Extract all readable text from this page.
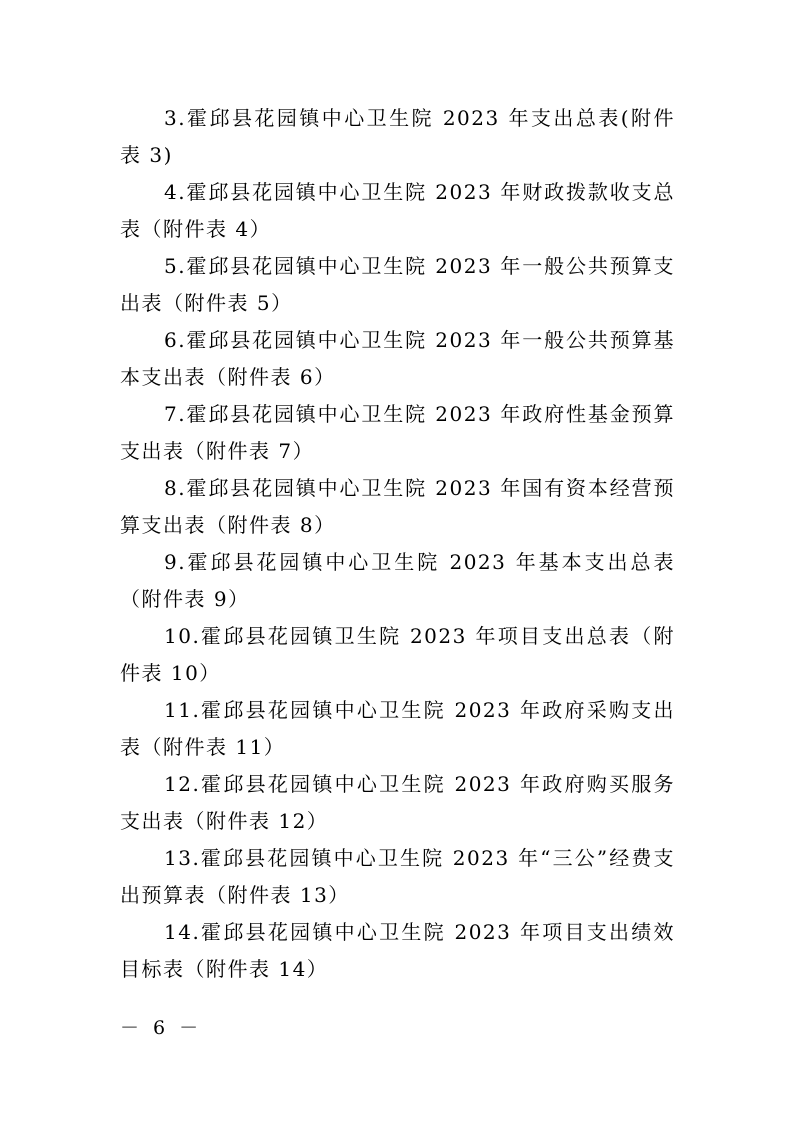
3.霍邱县花园镇中心卫生院 2023 年支出总表(附件表 3)

4.霍邱县花园镇中心卫生院 2023 年财政拨款收支总表（附件表 4）

5.霍邱县花园镇中心卫生院 2023 年一般公共预算支出表（附件表 5）

6.霍邱县花园镇中心卫生院 2023 年一般公共预算基本支出表（附件表 6）

7.霍邱县花园镇中心卫生院 2023 年政府性基金预算支出表（附件表 7）

8.霍邱县花园镇中心卫生院 2023 年国有资本经营预算支出表（附件表 8）

9.霍邱县花园镇中心卫生院 2023 年基本支出总表（附件表 9）

10.霍邱县花园镇卫生院 2023 年项目支出总表（附件表 10）

11.霍邱县花园镇中心卫生院 2023 年政府采购支出表（附件表 11）

12.霍邱县花园镇中心卫生院 2023 年政府购买服务支出表（附件表 12）

13.霍邱县花园镇中心卫生院 2023 年“三公”经费支出预算表（附件表 13）

14.霍邱县花园镇中心卫生院 2023 年项目支出绩效目标表（附件表 14）

－ 6 －
